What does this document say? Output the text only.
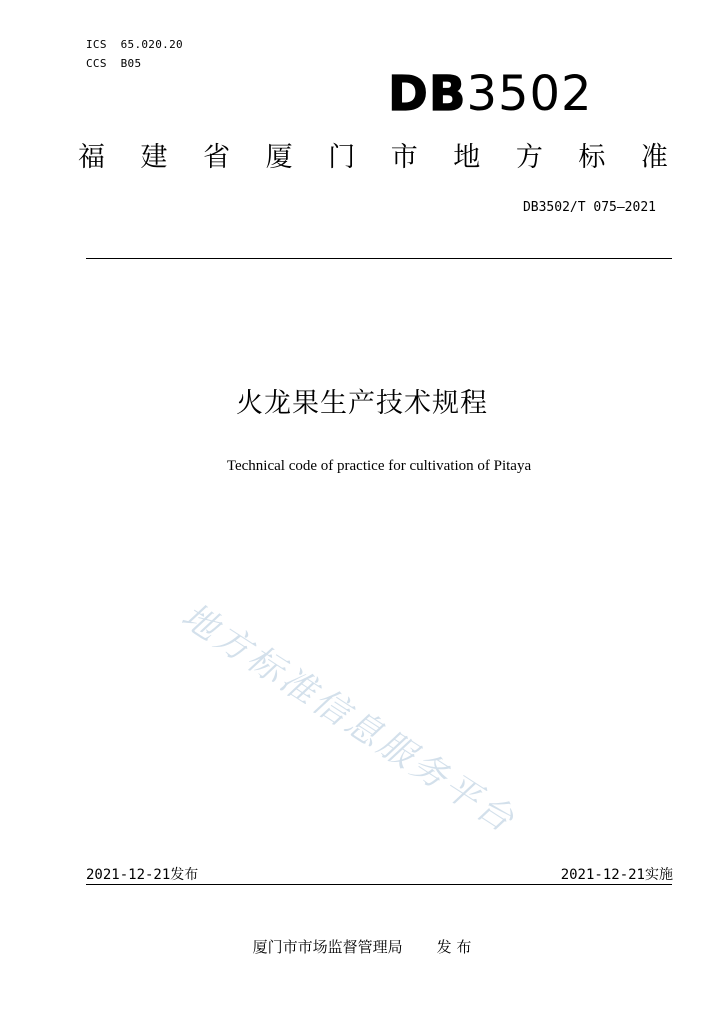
ICS  65.020.20
CCS  B05
DB3502
福 建 省 厦 门 市 地 方 标 准
DB3502/T 075—2021
火龙果生产技术规程
Technical code of practice for cultivation of Pitaya
地方标准信息服务平台
2021-12-21发布	2021-12-21实施
厦门市市场监督管理局 发 布
